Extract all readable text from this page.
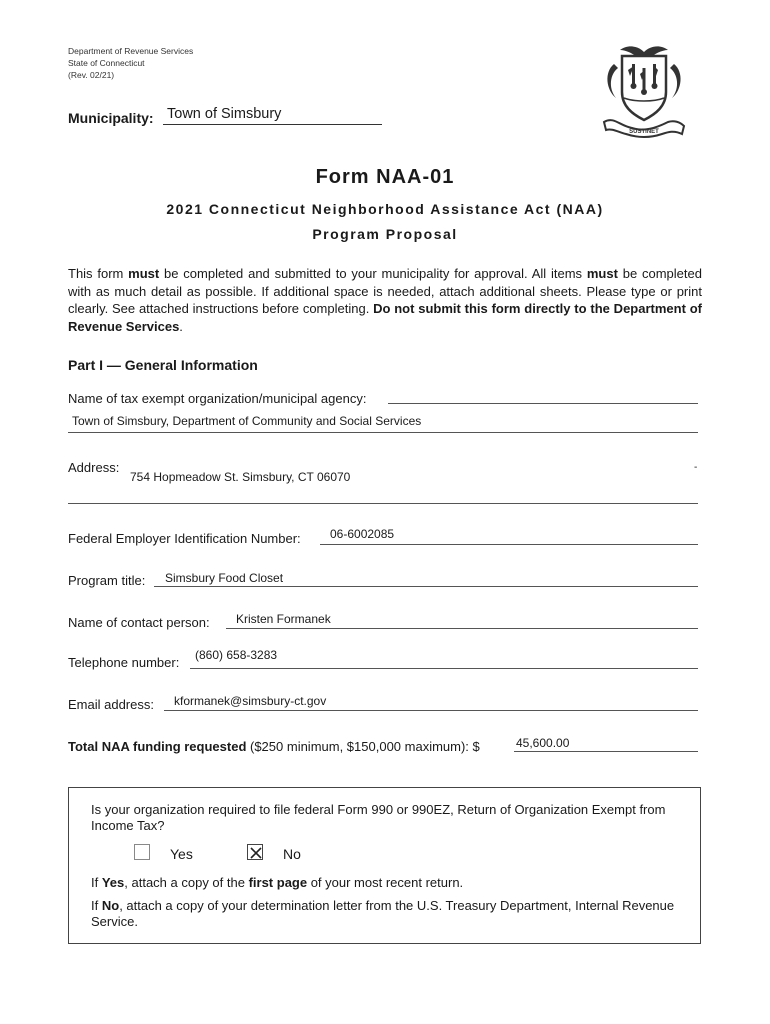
Department of Revenue Services
State of Connecticut
(Rev. 02/21)
SUSTINET
Municipality: Town of Simsbury
Form NAA-01
2021 Connecticut Neighborhood Assistance Act (NAA)
Program Proposal
This form must be completed and submitted to your municipality for approval. All items must be completed with as much detail as possible. If additional space is needed, attach additional sheets. Please type or print clearly. See attached instructions before completing. Do not submit this form directly to the Department of Revenue Services.
Part I — General Information
Name of tax exempt organization/municipal agency:
Town of Simsbury, Department of Community and Social Services
Address:
754 Hopmeadow St. Simsbury, CT 06070
-
Federal Employer Identification Number: 06-6002085
Program title: Simsbury Food Closet
Name of contact person: Kristen Formanek
Telephone number: (860) 658-3283
Email address: kformanek@simsbury-ct.gov
Total NAA funding requested ($250 minimum, $150,000 maximum): $	45,600.00
Is your organization required to file federal Form 990 or 990EZ, Return of Organization Exempt from Income Tax?
Yes	No
If Yes, attach a copy of the first page of your most recent return.
If No, attach a copy of your determination letter from the U.S. Treasury Department, Internal Revenue Service.
